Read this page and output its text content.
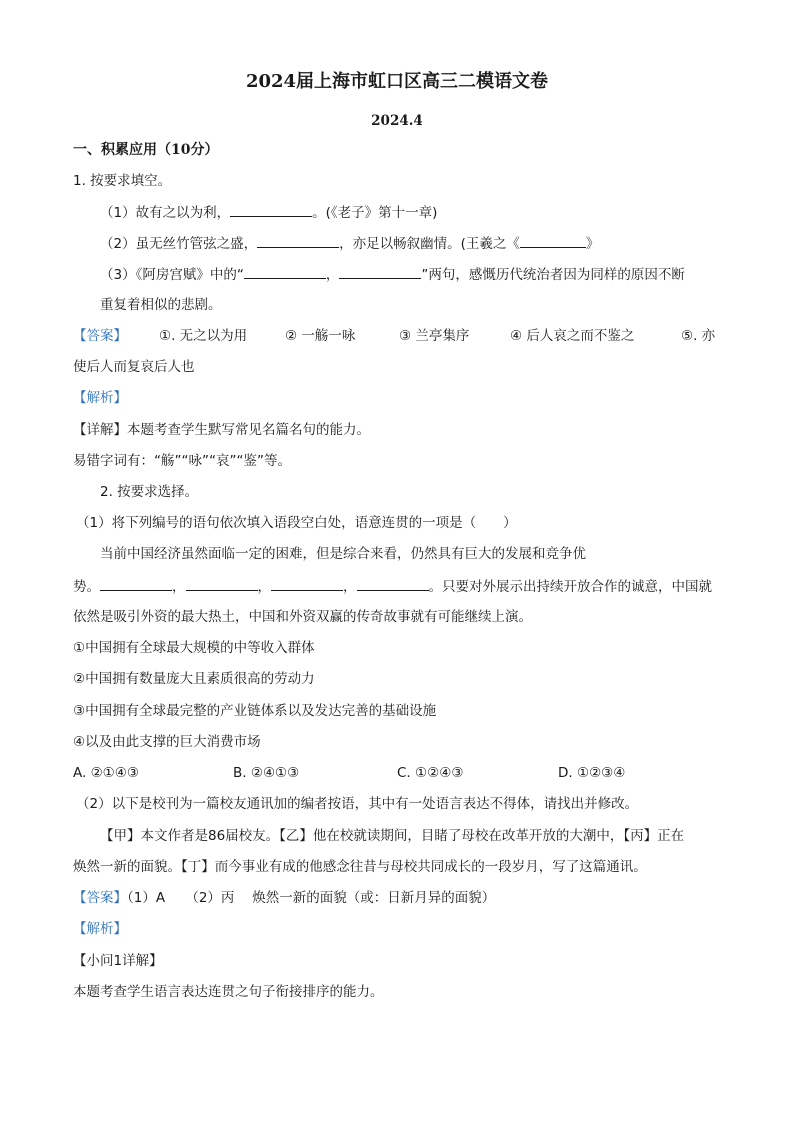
2024届上海市虹口区高三二模语文卷
2024.4
一、积累应用（10分）
1. 按要求填空。
（1）故有之以为利，	。(《老子》第十一章)
（2）虽无丝竹管弦之盛，	，亦足以畅叙幽情。(王羲之《	》
（3）《阿房宫赋》中的“	，	”两句，感慨历代统治者因为同样的原因不断
重复着相似的悲剧。
【答案】 ①. 无之以为用	② 一觞一咏	③ 兰亭集序	④ 后人哀之而不鉴之	⑤. 亦
使后人而复哀后人也
【解析】
【详解】本题考查学生默写常见名篇名句的能力。
易错字词有：“觞”“咏”“哀”“鉴”等。
2. 按要求选择。
（1）将下列编号的语句依次填入语段空白处，语意连贯的一项是（　　）
当前中国经济虽然面临一定的困难，但是综合来看，仍然具有巨大的发展和竞争优
势。	，	，	，	。只要对外展示出持续开放合作的诚意，中国就
依然是吸引外资的最大热土，中国和外资双赢的传奇故事就有可能继续上演。
①中国拥有全球最大规模的中等收入群体
②中国拥有数量庞大且素质很高的劳动力
③中国拥有全球最完整的产业链体系以及发达完善的基础设施
④以及由此支撑的巨大消费市场
A. ②①④③	B. ②④①③	C. ①②④③	D. ①②③④
（2）以下是校刊为一篇校友通讯加的编者按语，其中有一处语言表达不得体，请找出并修改。
【甲】本文作者是86届校友。【乙】他在校就读期间，目睹了母校在改革开放的大潮中，【丙】正在
焕然一新的面貌。【丁】而今事业有成的他感念往昔与母校共同成长的一段岁月，写了这篇通讯。
【答案】（1）A　　（2）丙　 焕然一新的面貌（或：日新月异的面貌）
【解析】
【小问1详解】
本题考查学生语言表达连贯之句子衔接排序的能力。
